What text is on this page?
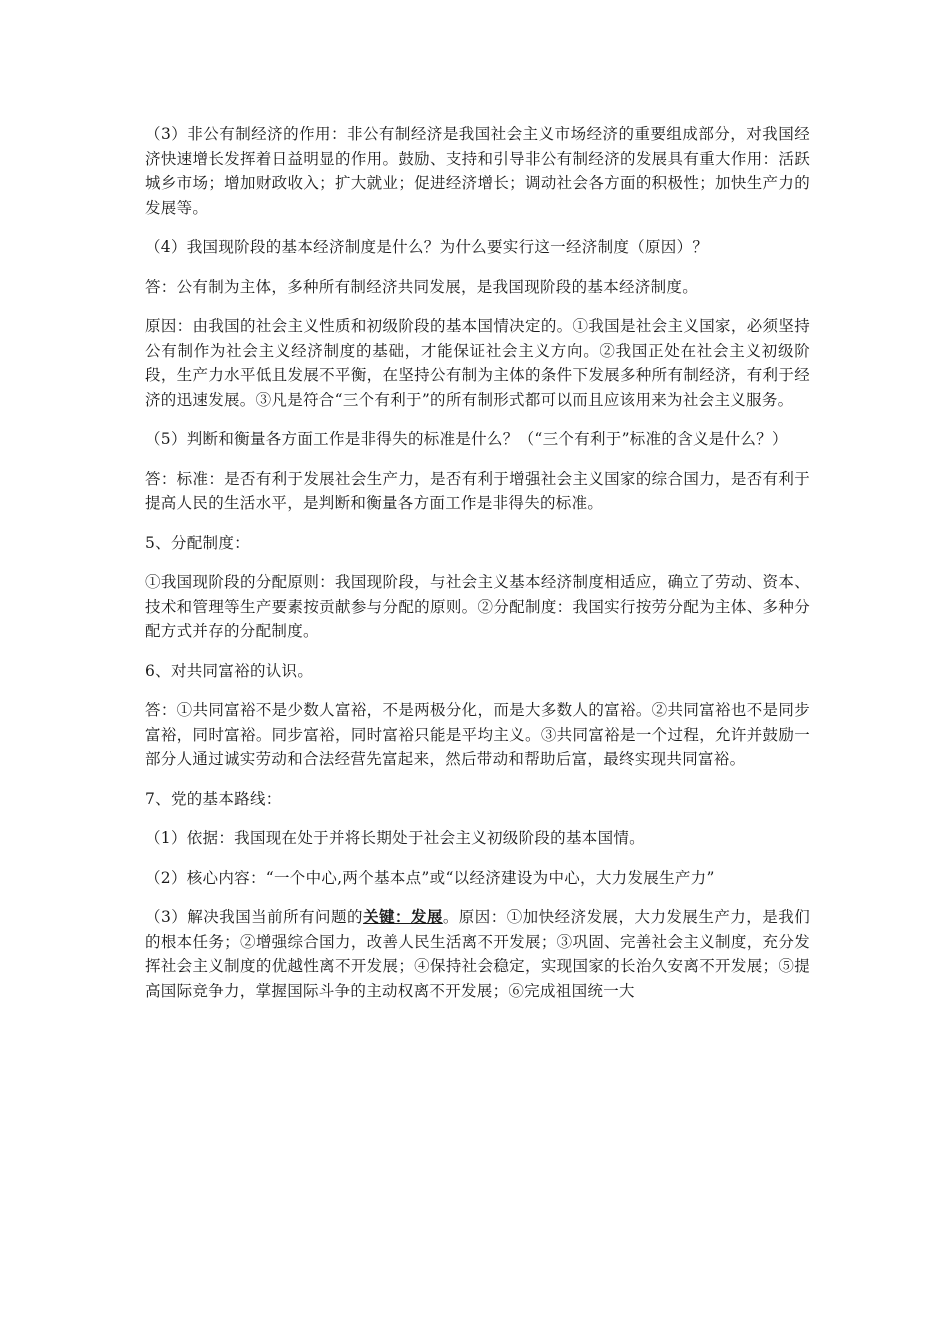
（3）非公有制经济的作用：非公有制经济是我国社会主义市场经济的重要组成部分，对我国经济快速增长发挥着日益明显的作用。鼓励、支持和引导非公有制经济的发展具有重大作用：活跃城乡市场；增加财政收入；扩大就业；促进经济增长；调动社会各方面的积极性；加快生产力的发展等。

（4）我国现阶段的基本经济制度是什么？为什么要实行这一经济制度（原因）？

答：公有制为主体，多种所有制经济共同发展，是我国现阶段的基本经济制度。

原因：由我国的社会主义性质和初级阶段的基本国情决定的。①我国是社会主义国家，必须坚持公有制作为社会主义经济制度的基础，才能保证社会主义方向。②我国正处在社会主义初级阶段，生产力水平低且发展不平衡，在坚持公有制为主体的条件下发展多种所有制经济，有利于经济的迅速发展。③凡是符合“三个有利于”的所有制形式都可以而且应该用来为社会主义服务。

（5）判断和衡量各方面工作是非得失的标准是什么？（“三个有利于”标准的含义是什么？）

答：标准：是否有利于发展社会生产力，是否有利于增强社会主义国家的综合国力，是否有利于提高人民的生活水平，是判断和衡量各方面工作是非得失的标准。

5、分配制度：

①我国现阶段的分配原则：我国现阶段，与社会主义基本经济制度相适应，确立了劳动、资本、技术和管理等生产要素按贡献参与分配的原则。②分配制度：我国实行按劳分配为主体、多种分配方式并存的分配制度。

6、对共同富裕的认识。

答：①共同富裕不是少数人富裕，不是两极分化，而是大多数人的富裕。②共同富裕也不是同步富裕，同时富裕。同步富裕，同时富裕只能是平均主义。③共同富裕是一个过程，允许并鼓励一部分人通过诚实劳动和合法经营先富起来，然后带动和帮助后富，最终实现共同富裕。

7、党的基本路线：

（1）依据：我国现在处于并将长期处于社会主义初级阶段的基本国情。

（2）核心内容：“一个中心,两个基本点”或“以经济建设为中心，大力发展生产力”

（3）解决我国当前所有问题的关键：发展。原因：①加快经济发展，大力发展生产力，是我们的根本任务；②增强综合国力，改善人民生活离不开发展；③巩固、完善社会主义制度，充分发挥社会主义制度的优越性离不开发展；④保持社会稳定，实现国家的长治久安离不开发展；⑤提高国际竞争力，掌握国际斗争的主动权离不开发展；⑥完成祖国统一大
